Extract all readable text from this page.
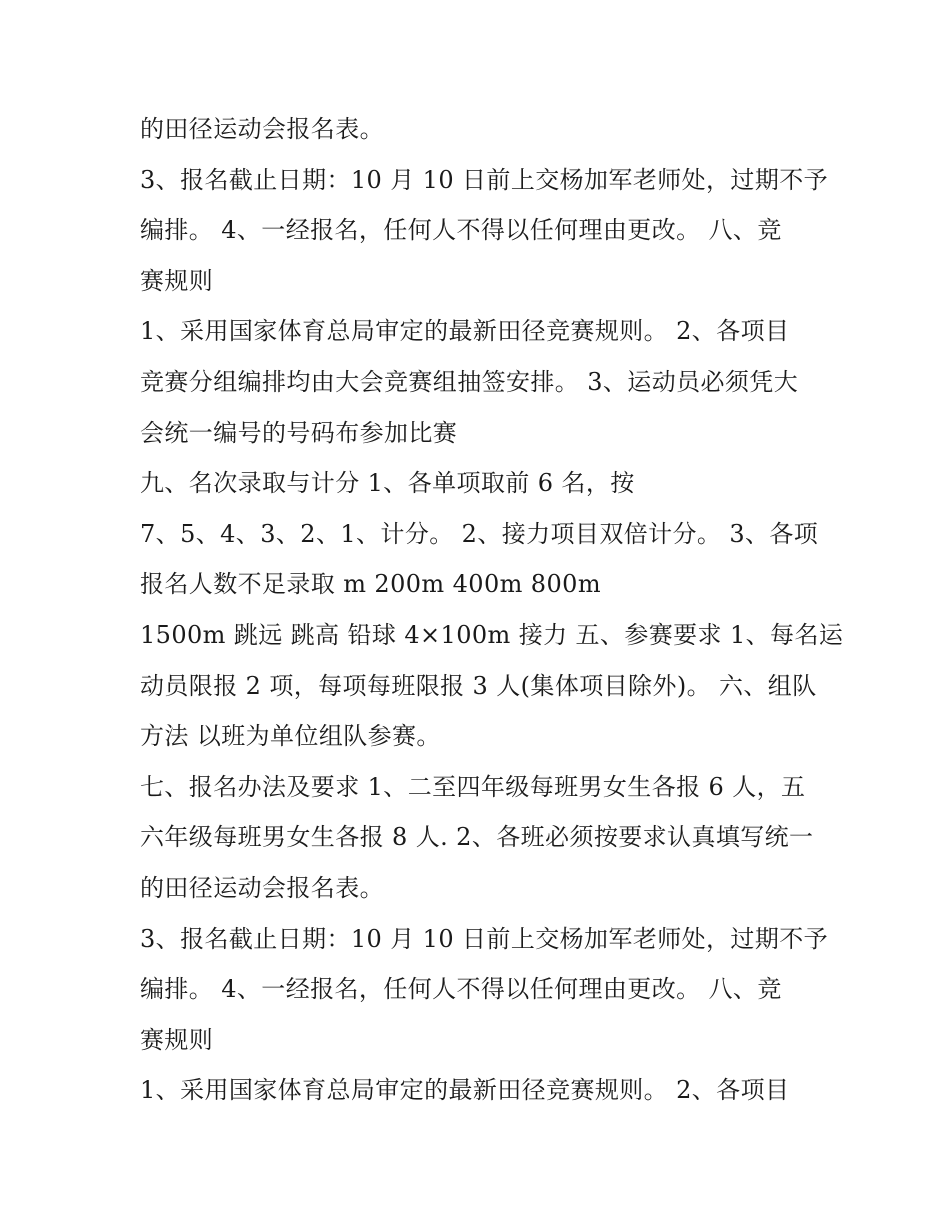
的田径运动会报名表。
3、报名截止日期：10 月 10 日前上交杨加军老师处，过期不予
编排。 4、一经报名，任何人不得以任何理由更改。 八、竞
赛规则
1、采用国家体育总局审定的最新田径竞赛规则。 2、各项目
竞赛分组编排均由大会竞赛组抽签安排。 3、运动员必须凭大
会统一编号的号码布参加比赛
九、名次录取与计分 1、各单项取前 6 名，按
7、5、4、3、2、1、计分。 2、接力项目双倍计分。 3、各项
报名人数不足录取 m 200m 400m 800m
1500m 跳远 跳高 铅球 4×100m 接力 五、参赛要求 1、每名运
动员限报 2 项，每项每班限报 3 人(集体项目除外)。 六、组队
方法 以班为单位组队参赛。
七、报名办法及要求 1、二至四年级每班男女生各报 6 人，五
六年级每班男女生各报 8 人. 2、各班必须按要求认真填写统一
的田径运动会报名表。
3、报名截止日期：10 月 10 日前上交杨加军老师处，过期不予
编排。 4、一经报名，任何人不得以任何理由更改。 八、竞
赛规则
1、采用国家体育总局审定的最新田径竞赛规则。 2、各项目
